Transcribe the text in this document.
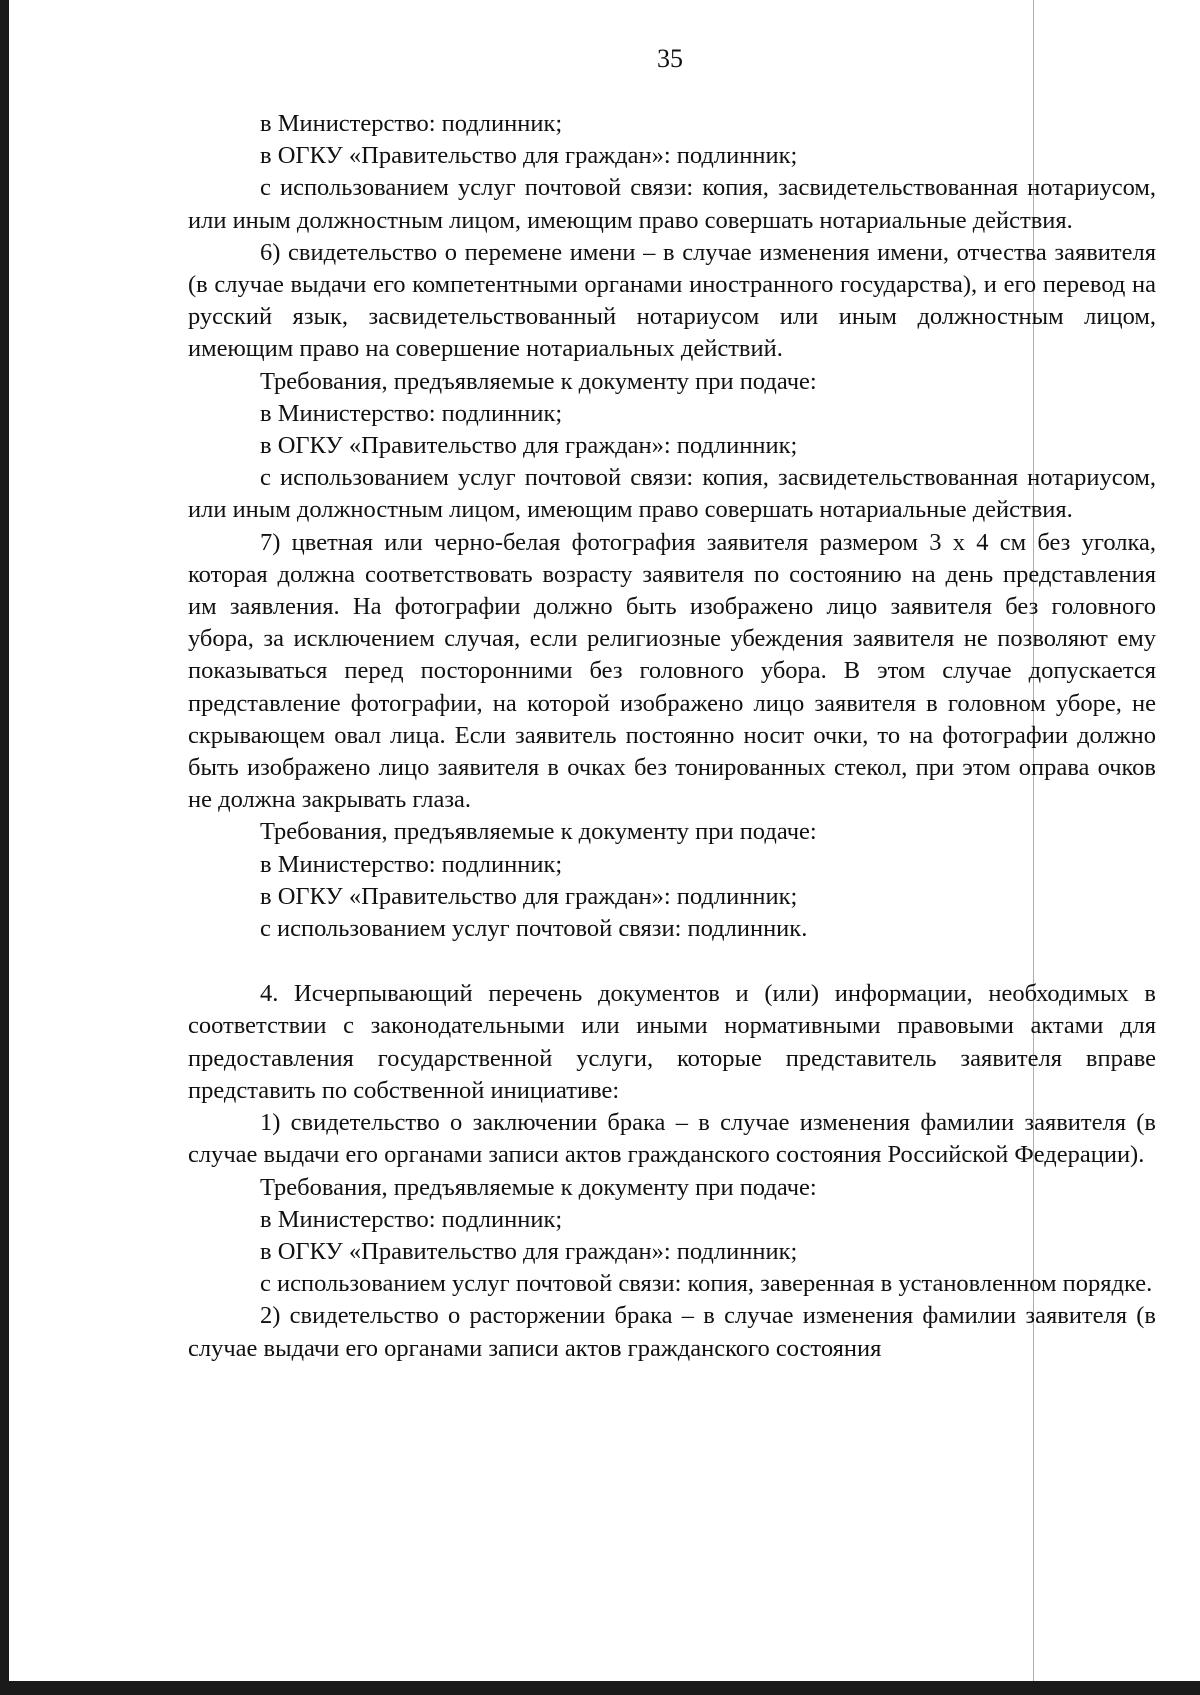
35

в Министерство: подлинник;

в ОГКУ «Правительство для граждан»: подлинник;

с использованием услуг почтовой связи: копия, засвидетельствованная нотариусом, или иным должностным лицом, имеющим право совершать нотариальные действия.

6) свидетельство о перемене имени – в случае изменения имени, отчества заявителя (в случае выдачи его компетентными органами иностранного государства), и его перевод на русский язык, засвидетельствованный нотариусом или иным должностным лицом, имеющим право на совершение нотариальных действий.

Требования, предъявляемые к документу при подаче:

в Министерство: подлинник;

в ОГКУ «Правительство для граждан»: подлинник;

с использованием услуг почтовой связи: копия, засвидетельствованная нотариусом, или иным должностным лицом, имеющим право совершать нотариальные действия.

7) цветная или черно-белая фотография заявителя размером 3 x 4 см без уголка, которая должна соответствовать возрасту заявителя по состоянию на день представления им заявления. На фотографии должно быть изображено лицо заявителя без головного убора, за исключением случая, если религиозные убеждения заявителя не позволяют ему показываться перед посторонними без головного убора. В этом случае допускается представление фотографии, на которой изображено лицо заявителя в головном уборе, не скрывающем овал лица. Если заявитель постоянно носит очки, то на фотографии должно быть изображено лицо заявителя в очках без тонированных стекол, при этом оправа очков не должна закрывать глаза.

Требования, предъявляемые к документу при подаче:

в Министерство: подлинник;

в ОГКУ «Правительство для граждан»: подлинник;

с использованием услуг почтовой связи: подлинник.

4. Исчерпывающий перечень документов и (или) информации, необходимых в соответствии с законодательными или иными нормативными правовыми актами для предоставления государственной услуги, которые представитель заявителя вправе представить по собственной инициативе:

1) свидетельство о заключении брака – в случае изменения фамилии заявителя (в случае выдачи его органами записи актов гражданского состояния Российской Федерации).

Требования, предъявляемые к документу при подаче:

в Министерство: подлинник;

в ОГКУ «Правительство для граждан»: подлинник;

с использованием услуг почтовой связи: копия, заверенная в установленном порядке.

2) свидетельство о расторжении брака – в случае изменения фамилии заявителя (в случае выдачи его органами записи актов гражданского состояния
